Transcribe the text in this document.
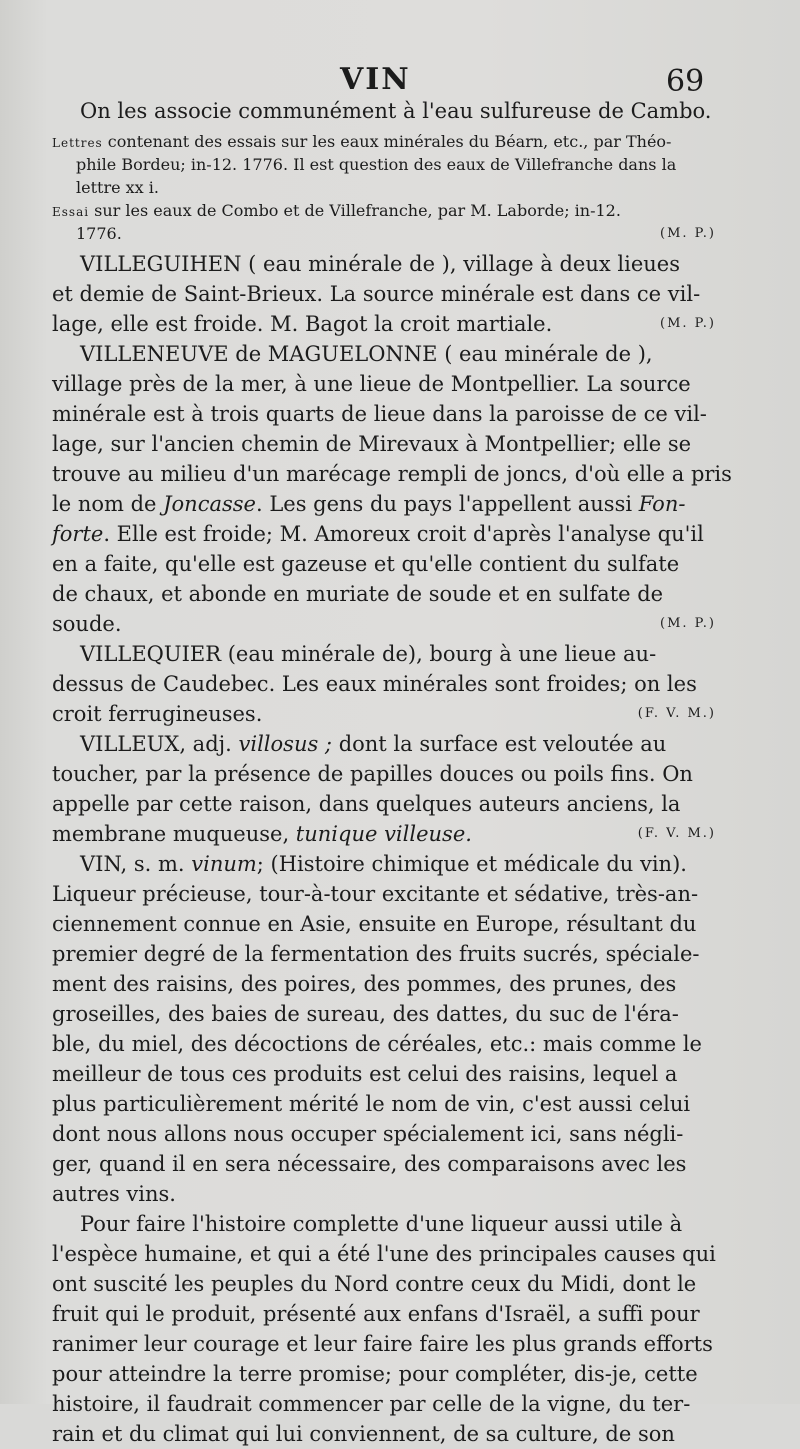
VIN	69
On les associe communément à l'eau sulfureuse de Cambo.
Lettres contenant des essais sur les eaux minérales du Béarn, etc., par Théo-
phile Bordeu; in-12. 1776. Il est question des eaux de Villefranche dans la
lettre xx i.
Essai sur les eaux de Combo et de Villefranche, par M. Laborde; in-12.
1776.	(M. P.)
VILLEGUIHEN ( eau minérale de ), village à deux lieues
et demie de Saint-Brieux. La source minérale est dans ce vil-
lage, elle est froide. M. Bagot la croit martiale.	(M. P.)
VILLENEUVE de MAGUELONNE ( eau minérale de ),
village près de la mer, à une lieue de Montpellier. La source
minérale est à trois quarts de lieue dans la paroisse de ce vil-
lage, sur l'ancien chemin de Mirevaux à Montpellier; elle se
trouve au milieu d'un marécage rempli de joncs, d'où elle a pris
le nom de Joncasse. Les gens du pays l'appellent aussi Fon-
forte. Elle est froide; M. Amoreux croit d'après l'analyse qu'il
en a faite, qu'elle est gazeuse et qu'elle contient du sulfate
de chaux, et abonde en muriate de soude et en sulfate de
soude.	(M. P.)
VILLEQUIER (eau minérale de), bourg à une lieue au-
dessus de Caudebec. Les eaux minérales sont froides; on les
croit ferrugineuses.	(F. V. M.)
VILLEUX, adj. villosus ; dont la surface est veloutée au
toucher, par la présence de papilles douces ou poils fins. On
appelle par cette raison, dans quelques auteurs anciens, la
membrane muqueuse, tunique villeuse.	(F. V. M.)
VIN, s. m. vinum; (Histoire chimique et médicale du vin).
Liqueur précieuse, tour-à-tour excitante et sédative, très-an-
ciennement connue en Asie, ensuite en Europe, résultant du
premier degré de la fermentation des fruits sucrés, spéciale-
ment des raisins, des poires, des pommes, des prunes, des
groseilles, des baies de sureau, des dattes, du suc de l'éra-
ble, du miel, des décoctions de céréales, etc.: mais comme le
meilleur de tous ces produits est celui des raisins, lequel a
plus particulièrement mérité le nom de vin, c'est aussi celui
dont nous allons nous occuper spécialement ici, sans négli-
ger, quand il en sera nécessaire, des comparaisons avec les
autres vins.
Pour faire l'histoire complette d'une liqueur aussi utile à
l'espèce humaine, et qui a été l'une des principales causes qui
ont suscité les peuples du Nord contre ceux du Midi, dont le
fruit qui le produit, présenté aux enfans d'Israël, a suffi pour
ranimer leur courage et leur faire faire les plus grands efforts
pour atteindre la terre promise; pour compléter, dis-je, cette
histoire, il faudrait commencer par celle de la vigne, du ter-
rain et du climat qui lui conviennent, de sa culture, de son
